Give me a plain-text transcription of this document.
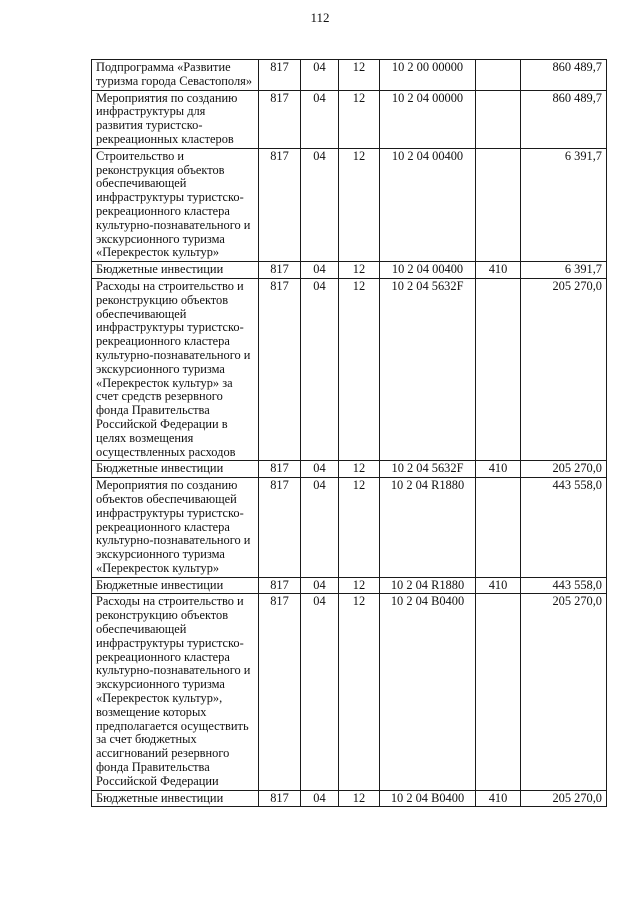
112
Подпрограмма «Развитие туризма города Севастополя»	817	04	12	10 2 00 00000		860 489,7
Мероприятия по созданию инфраструктуры для развития туристско-рекреационных кластеров	817	04	12	10 2 04 00000		860 489,7
Строительство и реконструкция объектов обеспечивающей инфраструктуры туристско-рекреационного кластера культурно-познавательного и экскурсионного туризма «Перекресток культур»	817	04	12	10 2 04 00400		6 391,7
Бюджетные инвестиции	817	04	12	10 2 04 00400	410	6 391,7
Расходы на строительство и реконструкцию объектов обеспечивающей инфраструктуры туристско-рекреационного кластера культурно-познавательного и экскурсионного туризма «Перекресток культур» за счет средств резервного фонда Правительства Российской Федерации в целях возмещения осуществленных расходов	817	04	12	10 2 04 5632F		205 270,0
Бюджетные инвестиции	817	04	12	10 2 04 5632F	410	205 270,0
Мероприятия по созданию объектов обеспечивающей инфраструктуры туристско-рекреационного кластера культурно-познавательного и экскурсионного туризма «Перекресток культур»	817	04	12	10 2 04 R1880		443 558,0
Бюджетные инвестиции	817	04	12	10 2 04 R1880	410	443 558,0
Расходы на строительство и реконструкцию объектов обеспечивающей инфраструктуры туристско-рекреационного кластера культурно-познавательного и экскурсионного туризма «Перекресток культур», возмещение которых предполагается осуществить за счет бюджетных ассигнований резервного фонда Правительства Российской Федерации	817	04	12	10 2 04 B0400		205 270,0
Бюджетные инвестиции	817	04	12	10 2 04 B0400	410	205 270,0
